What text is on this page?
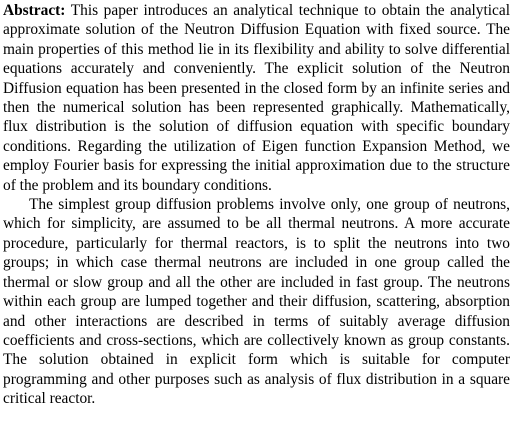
Abstract: This paper introduces an analytical technique to obtain the analytical approximate solution of the Neutron Diffusion Equation with fixed source. The main properties of this method lie in its flexibility and ability to solve differential equations accurately and conveniently. The explicit solution of the Neutron Diffusion equation has been presented in the closed form by an infinite series and then the numerical solution has been represented graphically. Mathematically, flux distribution is the solution of diffusion equation with specific boundary conditions. Regarding the utilization of Eigen function Expansion Method, we employ Fourier basis for expressing the initial approximation due to the structure of the problem and its boundary conditions.

The simplest group diffusion problems involve only, one group of neutrons, which for simplicity, are assumed to be all thermal neutrons. A more accurate procedure, particularly for thermal reactors, is to split the neutrons into two groups; in which case thermal neutrons are included in one group called the thermal or slow group and all the other are included in fast group. The neutrons within each group are lumped together and their diffusion, scattering, absorption and other interactions are described in terms of suitably average diffusion coefficients and cross-sections, which are collectively known as group constants. The solution obtained in explicit form which is suitable for computer programming and other purposes such as analysis of flux distribution in a square critical reactor.
